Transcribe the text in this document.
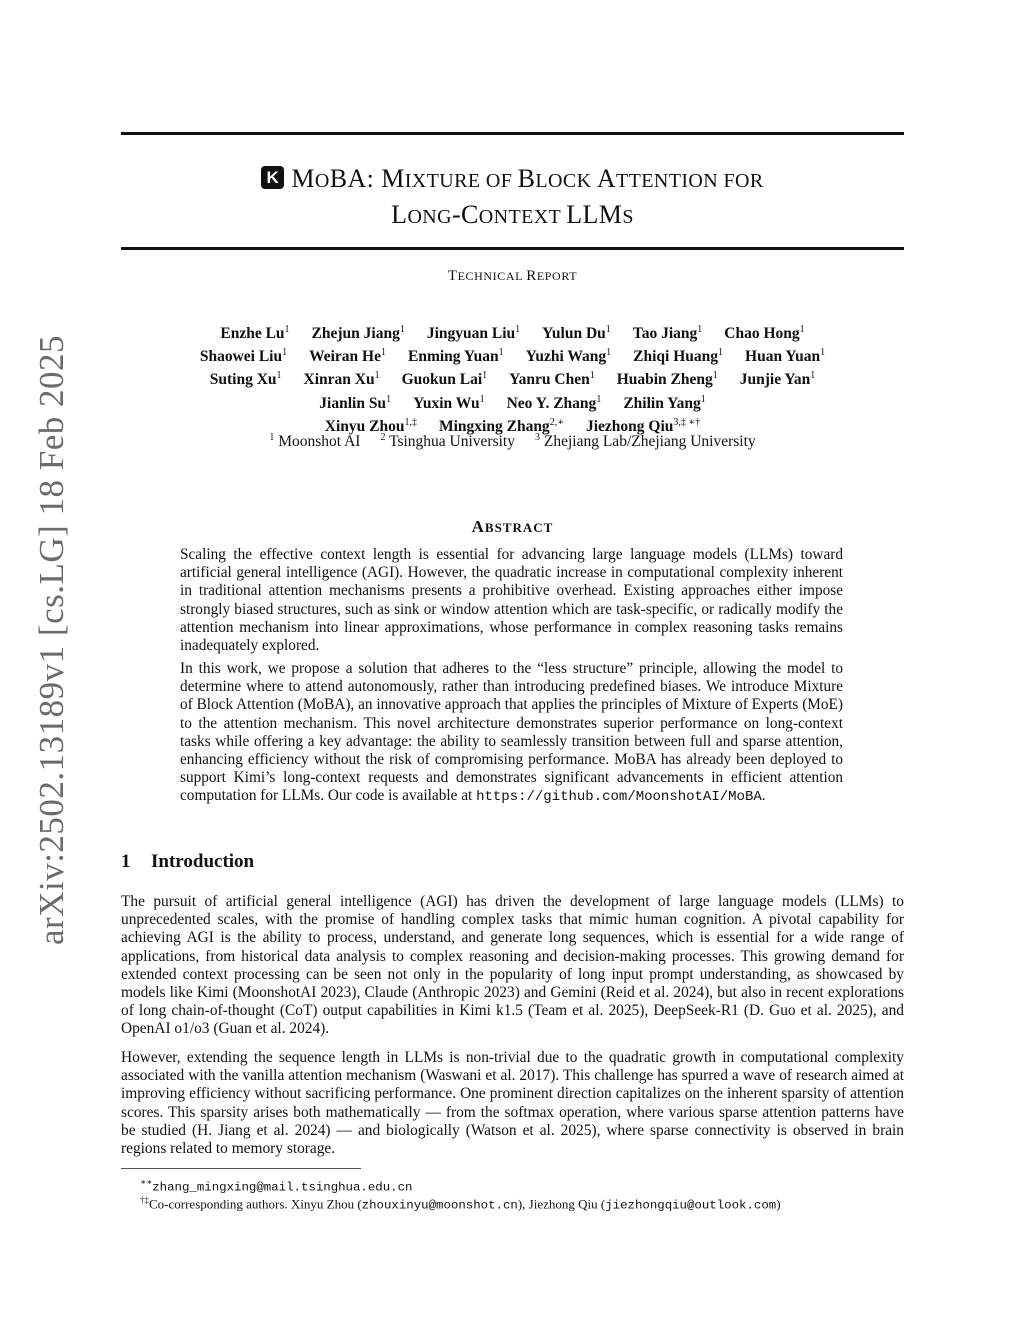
arXiv:2502.13189v1 [cs.LG] 18 Feb 2025
K MOBA: MIXTURE OF BLOCK ATTENTION FOR
LONG-CONTEXT LLMS
TECHNICAL REPORT
Enzhe Lu$^1$ Zhejun Jiang$^1$ Jingyuan Liu$^1$ Yulun Du$^1$ Tao Jiang$^1$ Chao Hong$^1$
Shaowei Liu$^1$ Weiran He$^1$ Enming Yuan$^1$ Yuzhi Wang$^1$ Zhiqi Huang$^1$ Huan Yuan$^1$
Suting Xu$^1$ Xinran Xu$^1$ Guokun Lai$^1$ Yanru Chen$^1$ Huabin Zheng$^1$ Junjie Yan$^1$
Jianlin Su$^1$ Yuxin Wu$^1$ Neo Y. Zhang$^1$ Zhilin Yang$^1$
Xinyu Zhou$^{1,\ddagger}$ Mingxing Zhang$^{2,∗}$ Jiezhong Qiu$^{3,\ddagger ∗\dagger}$
$^1$ Moonshot AI $^2$ Tsinghua University $^3$ Zhejiang Lab/Zhejiang University
ABSTRACT

Scaling the effective context length is essential for advancing large language models (LLMs) toward artificial general intelligence (AGI). However, the quadratic increase in computational complexity inherent in traditional attention mechanisms presents a prohibitive overhead. Existing approaches either impose strongly biased structures, such as sink or window attention which are task-specific, or radically modify the attention mechanism into linear approximations, whose performance in complex reasoning tasks remains inadequately explored.

In this work, we propose a solution that adheres to the “less structure” principle, allowing the model to determine where to attend autonomously, rather than introducing predefined biases. We introduce Mixture of Block Attention (MoBA), an innovative approach that applies the principles of Mixture of Experts (MoE) to the attention mechanism. This novel architecture demonstrates superior performance on long-context tasks while offering a key advantage: the ability to seamlessly transition between full and sparse attention, enhancing efficiency without the risk of compromising performance. MoBA has already been deployed to support Kimi’s long-context requests and demonstrates significant advancements in efficient attention computation for LLMs. Our code is available at https://github.com/MoonshotAI/MoBA.

1 Introduction

The pursuit of artificial general intelligence (AGI) has driven the development of large language models (LLMs) to unprecedented scales, with the promise of handling complex tasks that mimic human cognition. A pivotal capability for achieving AGI is the ability to process, understand, and generate long sequences, which is essential for a wide range of applications, from historical data analysis to complex reasoning and decision-making processes. This growing demand for extended context processing can be seen not only in the popularity of long input prompt understanding, as showcased by models like Kimi (MoonshotAI 2023), Claude (Anthropic 2023) and Gemini (Reid et al. 2024), but also in recent explorations of long chain-of-thought (CoT) output capabilities in Kimi k1.5 (Team et al. 2025), DeepSeek-R1 (D. Guo et al. 2025), and OpenAI o1/o3 (Guan et al. 2024).

However, extending the sequence length in LLMs is non-trivial due to the quadratic growth in computational complexity associated with the vanilla attention mechanism (Waswani et al. 2017). This challenge has spurred a wave of research aimed at improving efficiency without sacrificing performance. One prominent direction capitalizes on the inherent sparsity of attention scores. This sparsity arises both mathematically — from the softmax operation, where various sparse attention patterns have be studied (H. Jiang et al. 2024) — and biologically (Watson et al. 2025), where sparse connectivity is observed in brain regions related to memory storage.

∗∗zhang_mingxing@mail.tsinghua.edu.cn
†‡Co-corresponding authors. Xinyu Zhou (zhouxinyu@moonshot.cn), Jiezhong Qiu (jiezhongqiu@outlook.com)
